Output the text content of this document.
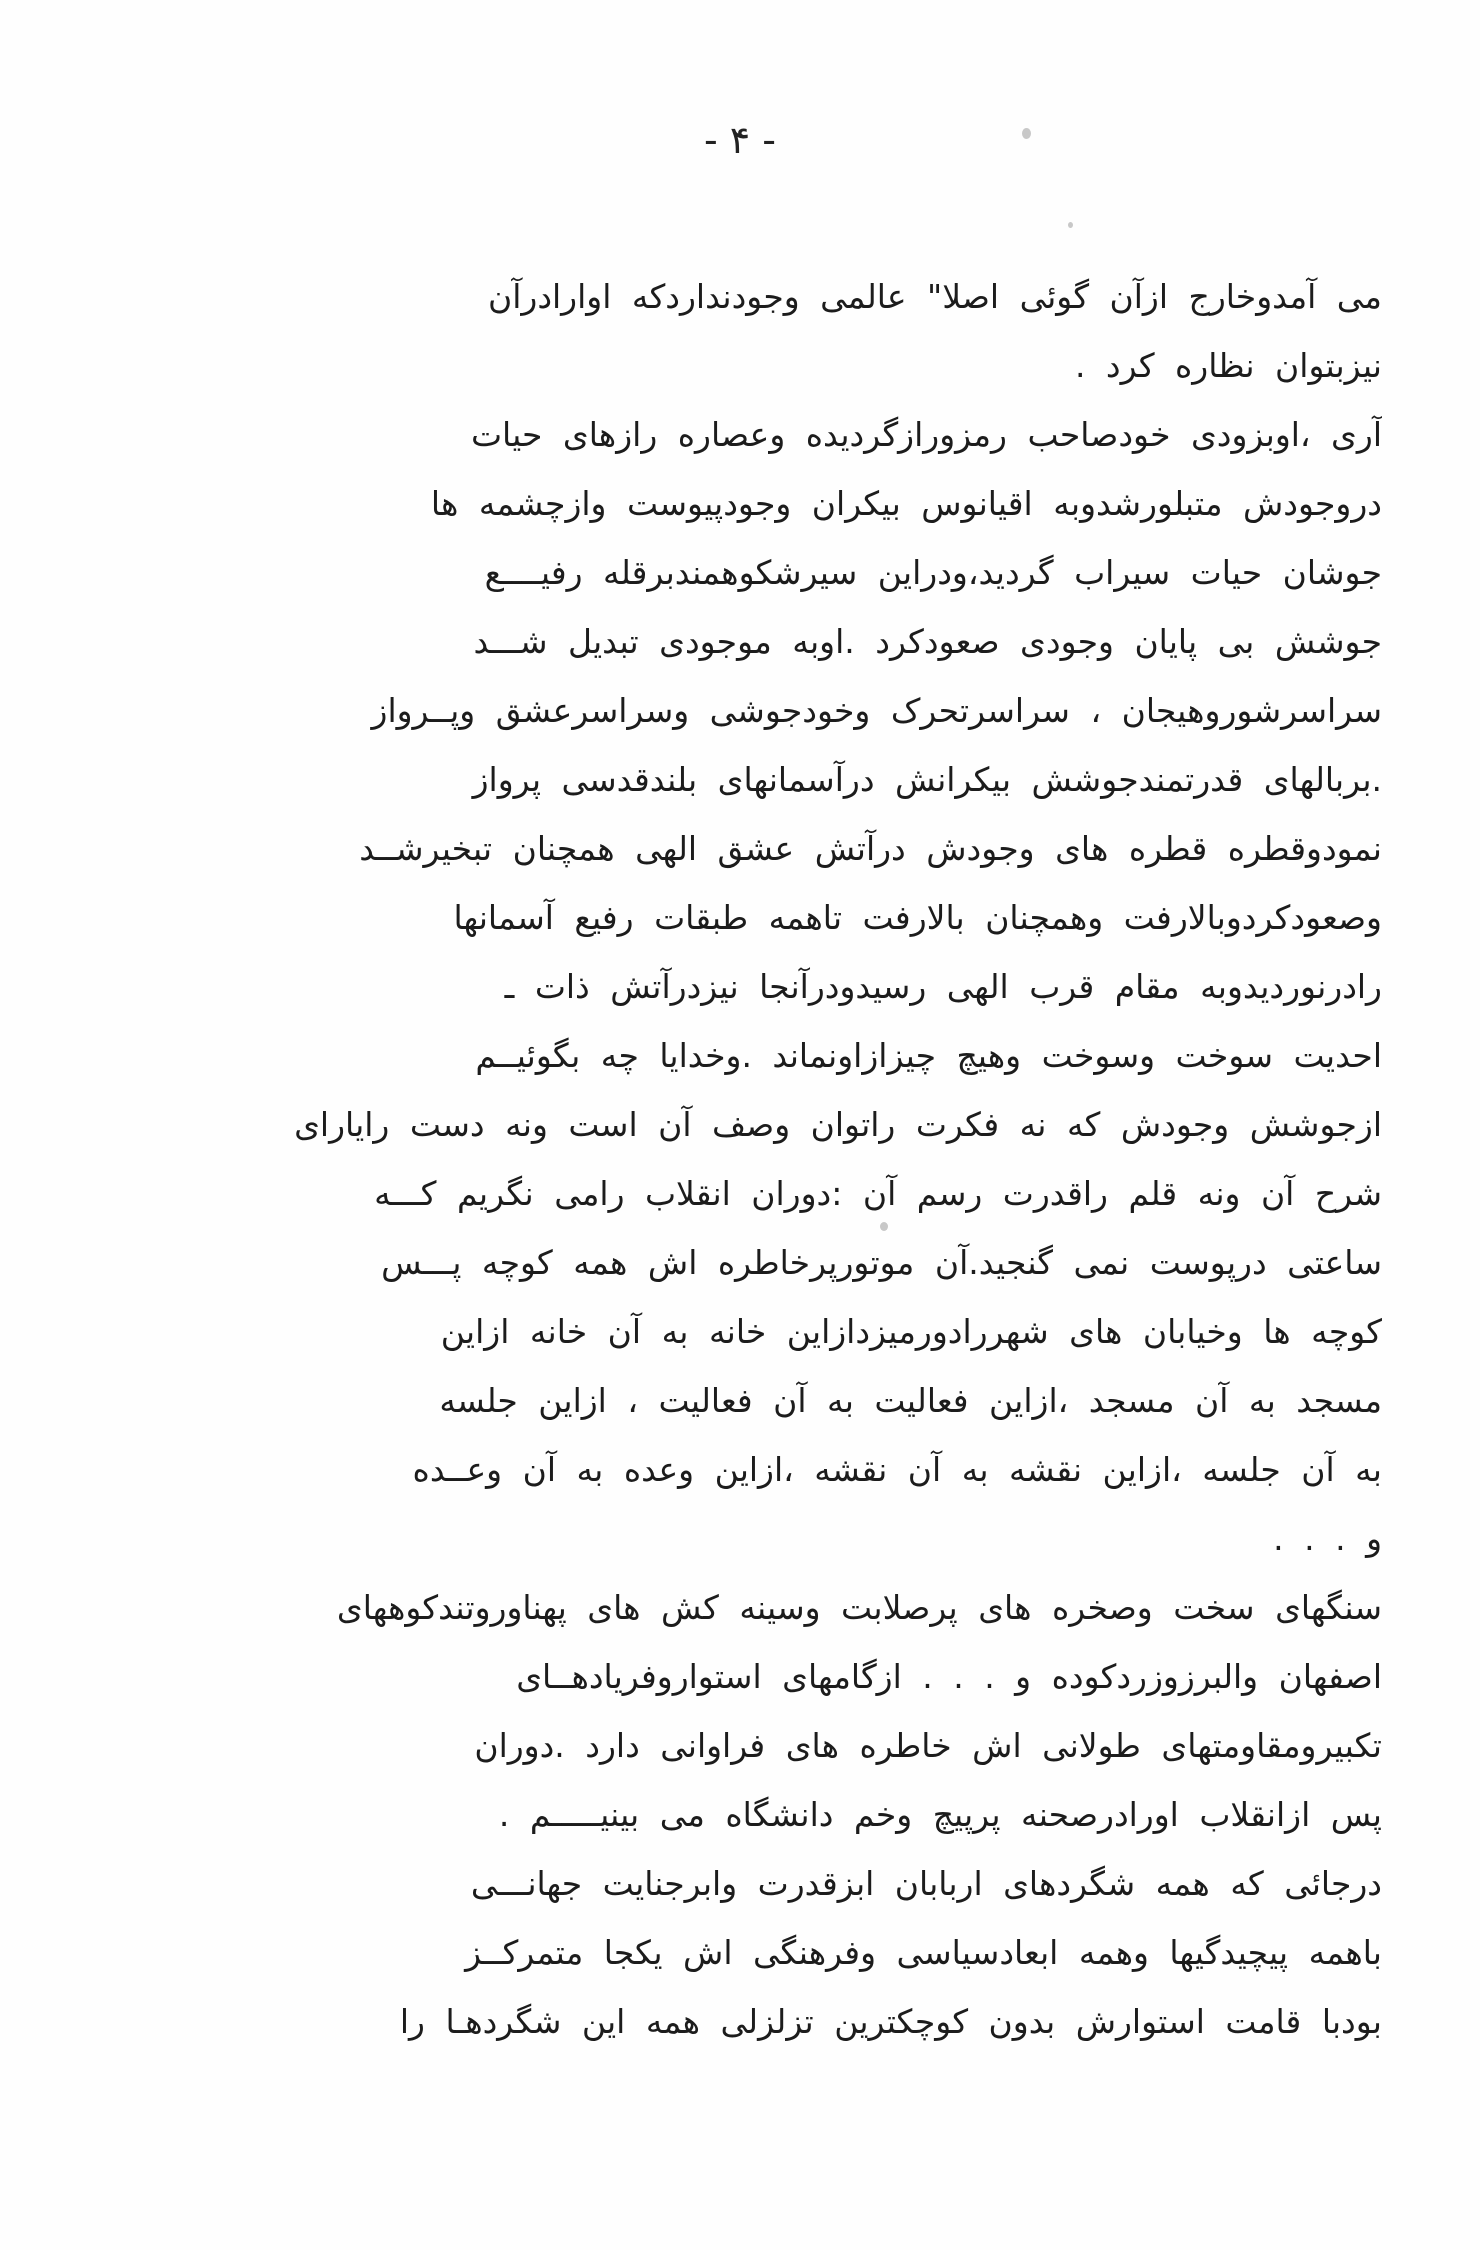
- ۴ -
می آمدوخارج ازآن گوئی اصلا" عالمی وجودنداردکه اوارادرآن
نیزبتوان نظاره کرد .
آری ،اوبزودی خودصاحب رمزورازگردیده وعصاره رازهای حیات
دروجودش متبلورشدوبه اقیانوس بیکران وجودپیوست وازچشمه ها
جوشان حیات سیراب گردید،ودراین سیرشکوهمندبرقله رفیــــع
جوشش بی پایان وجودی صعودکرد .اوبه موجودی تبدیل شـــد
سراسرشوروهیجان ، سراسرتحرک وخودجوشی وسراسرعشق وپــرواز
.بربالهای قدرتمندجوشش بیکرانش درآسمانهای بلندقدسی پرواز
نمودوقطره قطره های وجودش درآتش عشق الهی همچنان تبخیرشــد
وصعودکردوبالارفت وهمچنان بالارفت تاهمه طبقات رفیع آسمانها
رادرنوردیدوبه مقام قرب الهی رسیدودرآنجا نیزدرآتش ذات ـ
احدیت سوخت وسوخت وهیچ چیزازاونماند .وخدایا چه بگوئیــم
ازجوشش وجودش که نه فکرت راتوان وصف آن است ونه دست رایارای
شرح آن ونه قلم راقدرت رسم آن :دوران انقلاب رامی نگریم کـــه
ساعتی درپوست نمی گنجید.آن موتورپرخاطره اش همه کوچه پـــس
کوچه ها وخیابان های شهررادورمیزدازاین خانه به آن خانه ازاین
مسجد به آن مسجد ،ازاین فعالیت به آن فعالیت ، ازاین جلسه
به آن جلسه ،ازاین نقشه به آن نقشه ،ازاین وعده به آن وعــده
و . . .
سنگهای سخت وصخره های پرصلابت وسینه کش های پهناوروتندکوههای
اصفهان والبرزوزردکوده و . . . ازگامهای استواروفریادهــای
تکبیرومقاومتهای طولانی اش خاطره های فراوانی دارد .دوران
پس ازانقلاب اورادرصحنه پرپیچ وخم دانشگاه می بینیـــــم .
درجائی که همه شگردهای اربابان ابزقدرت وابرجنایت جهانـــی
باهمه پیچیدگیها وهمه ابعادسیاسی وفرهنگی اش یکجا متمرکــز
بودبا قامت استوارش بدون کوچکترین تزلزلی همه این شگردهـا را
